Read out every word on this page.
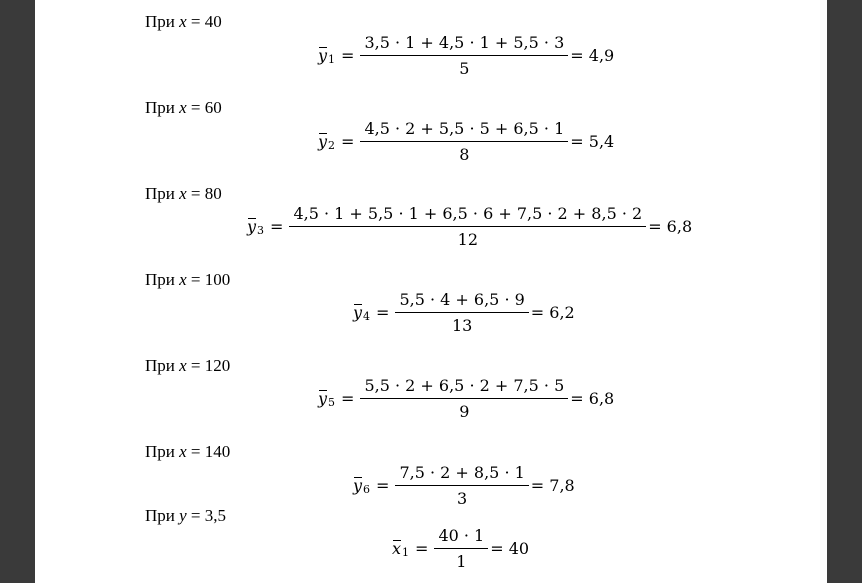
При x = 40
$y_1 = \frac{3,5 \cdot 1 + 4,5 \cdot 1 + 5,5 \cdot 3}{5} = 4,9$
При x = 60
$y_2 = \frac{4,5 \cdot 2 + 5,5 \cdot 5 + 6,5 \cdot 1}{8} = 5,4$
При x = 80
$y_3 = \frac{4,5 \cdot 1 + 5,5 \cdot 1 + 6,5 \cdot 6 + 7,5 \cdot 2 + 8,5 \cdot 2}{12} = 6,8$
При x = 100
$y_4 = \frac{5,5 \cdot 4 + 6,5 \cdot 9}{13} = 6,2$
При x = 120
$y_5 = \frac{5,5 \cdot 2 + 6,5 \cdot 2 + 7,5 \cdot 5}{9} = 6,8$
При x = 140
$y_6 = \frac{7,5 \cdot 2 + 8,5 \cdot 1}{3} = 7,8$
При y = 3,5
$x_1 = \frac{40 \cdot 1}{1} = 40$
